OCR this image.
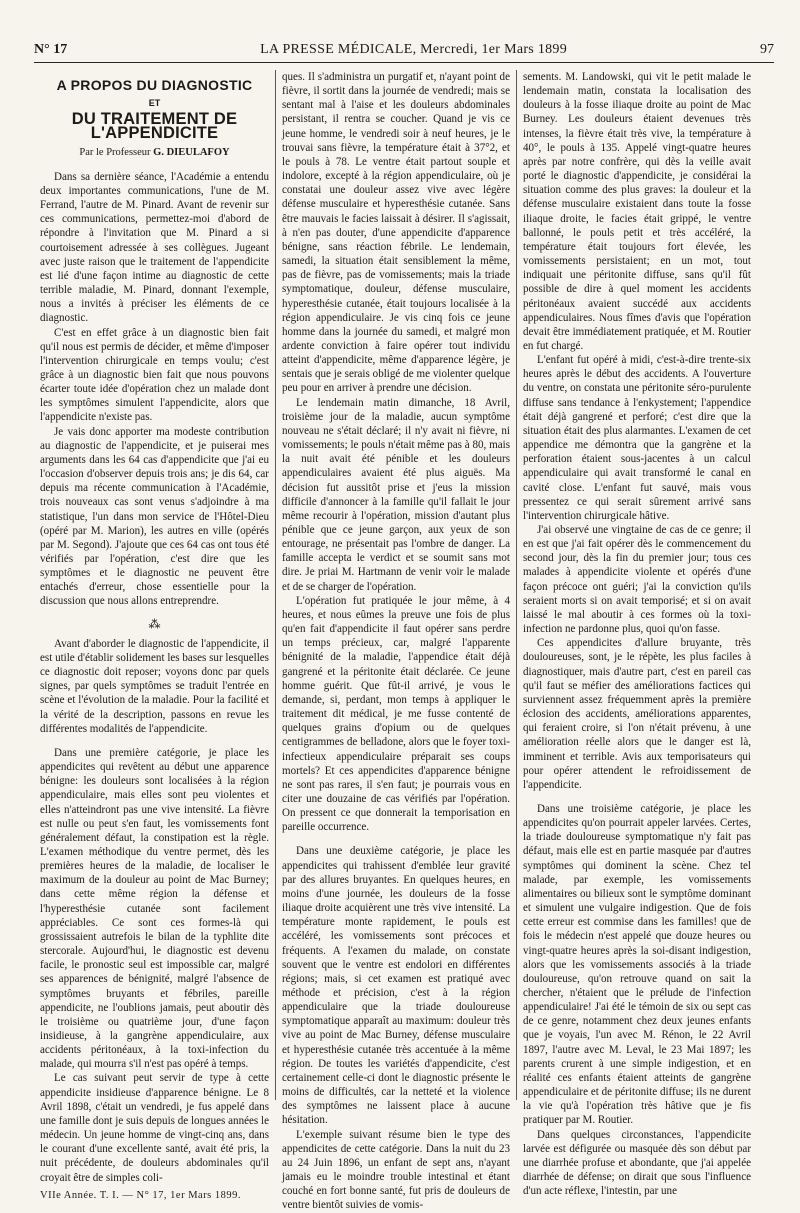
N° 17	LA PRESSE MÉDICALE, Mercredi, 1er Mars 1899	97
A PROPOS DU DIAGNOSTIC
ET
DU TRAITEMENT DE L'APPENDICITE
Par le Professeur G. DIEULAFOY

Dans sa dernière séance, l'Académie a entendu deux importantes communications, l'une de M. Ferrand, l'autre de M. Pinard. Avant de revenir sur ces communications, permettez-moi d'abord de répondre à l'invitation que M. Pinard a si courtoisement adressée à ses collègues. Jugeant avec juste raison que le traitement de l'appendicite est lié d'une façon intime au diagnostic de cette terrible maladie, M. Pinard, donnant l'exemple, nous a invités à préciser les éléments de ce diagnostic.

C'est en effet grâce à un diagnostic bien fait qu'il nous est permis de décider, et même d'imposer l'intervention chirurgicale en temps voulu; c'est grâce à un diagnostic bien fait que nous pouvons écarter toute idée d'opération chez un malade dont les symptômes simulent l'appendicite, alors que l'appendicite n'existe pas.

Je vais donc apporter ma modeste contribution au diagnostic de l'appendicite, et je puiserai mes arguments dans les 64 cas d'appendicite que j'ai eu l'occasion d'observer depuis trois ans; je dis 64, car depuis ma récente communication à l'Académie, trois nouveaux cas sont venus s'adjoindre à ma statistique, l'un dans mon service de l'Hôtel-Dieu (opéré par M. Marion), les autres en ville (opérés par M. Segond). J'ajoute que ces 64 cas ont tous été vérifiés par l'opération, c'est dire que les symptômes et le diagnostic ne peuvent être entachés d'erreur, chose essentielle pour la discussion que nous allons entreprendre.

⁂

Avant d'aborder le diagnostic de l'appendicite, il est utile d'établir solidement les bases sur lesquelles ce diagnostic doit reposer; voyons donc par quels signes, par quels symptômes se traduit l'entrée en scène et l'évolution de la maladie. Pour la facilité et la vérité de la description, passons en revue les différentes modalités de l'appendicite.

Dans une première catégorie, je place les appendicites qui revêtent au début une apparence bénigne: les douleurs sont localisées à la région appendiculaire, mais elles sont peu violentes et elles n'atteindront pas une vive intensité. La fièvre est nulle ou peut s'en faut, les vomissements font généralement défaut, la constipation est la règle. L'examen méthodique du ventre permet, dès les premières heures de la maladie, de localiser le maximum de la douleur au point de Mac Burney; dans cette même région la défense et l'hyperesthésie cutanée sont facilement appréciables. Ce sont ces formes-là qui grossissaient autrefois le bilan de la typhlite dite stercorale. Aujourd'hui, le diagnostic est devenu facile, le pronostic seul est impossible car, malgré ses apparences de bénignité, malgré l'absence de symptômes bruyants et fébriles, pareille appendicite, ne l'oublions jamais, peut aboutir dès le troisième ou quatrième jour, d'une façon insidieuse, à la gangrène appendiculaire, aux accidents péritonéaux, à la toxi-infection du malade, qui mourra s'il n'est pas opéré à temps.

Le cas suivant peut servir de type à cette appendicite insidieuse d'apparence bénigne. Le 8 Avril 1898, c'était un vendredi, je fus appelé dans une famille dont je suis depuis de longues années le médecin. Un jeune homme de vingt-cinq ans, dans le courant d'une excellente santé, avait été pris, la nuit précédente, de douleurs abdominales qu'il croyait être de simples coli-

VIIe Année. T. I. — N° 17, 1er Mars 1899.

ques. Il s'administra un purgatif et, n'ayant point de fièvre, il sortit dans la journée de vendredi; mais se sentant mal à l'aise et les douleurs abdominales persistant, il rentra se coucher. Quand je vis ce jeune homme, le vendredi soir à neuf heures, je le trouvai sans fièvre, la température était à 37°2, et le pouls à 78. Le ventre était partout souple et indolore, excepté à la région appendiculaire, où je constatai une douleur assez vive avec légère défense musculaire et hyperesthésie cutanée. Sans être mauvais le facies laissait à désirer. Il s'agissait, à n'en pas douter, d'une appendicite d'apparence bénigne, sans réaction fébrile. Le lendemain, samedi, la situation était sensiblement la même, pas de fièvre, pas de vomissements; mais la triade symptomatique, douleur, défense musculaire, hyperesthésie cutanée, était toujours localisée à la région appendiculaire. Je vis cinq fois ce jeune homme dans la journée du samedi, et malgré mon ardente conviction à faire opérer tout individu atteint d'appendicite, même d'apparence légère, je sentais que je serais obligé de me violenter quelque peu pour en arriver à prendre une décision.

Le lendemain matin dimanche, 18 Avril, troisième jour de la maladie, aucun symptôme nouveau ne s'était déclaré; il n'y avait ni fièvre, ni vomissements; le pouls n'était même pas à 80, mais la nuit avait été pénible et les douleurs appendiculaires avaient été plus aiguës. Ma décision fut aussitôt prise et j'eus la mission difficile d'annoncer à la famille qu'il fallait le jour même recourir à l'opération, mission d'autant plus pénible que ce jeune garçon, aux yeux de son entourage, ne présentait pas l'ombre de danger. La famille accepta le verdict et se soumit sans mot dire. Je priai M. Hartmann de venir voir le malade et de se charger de l'opération.

L'opération fut pratiquée le jour même, à 4 heures, et nous eûmes la preuve une fois de plus qu'en fait d'appendicite il faut opérer sans perdre un temps précieux, car, malgré l'apparente bénignité de la maladie, l'appendice était déjà gangrené et la péritonite était déclarée. Ce jeune homme guérit. Que fût-il arrivé, je vous le demande, si, perdant, mon temps à appliquer le traitement dit médical, je me fusse contenté de quelques grains d'opium ou de quelques centigrammes de belladone, alors que le foyer toxi-infectieux appendiculaire préparait ses coups mortels? Et ces appendicites d'apparence bénigne ne sont pas rares, il s'en faut; je pourrais vous en citer une douzaine de cas vérifiés par l'opération. On pressent ce que donnerait la temporisation en pareille occurrence.

Dans une deuxième catégorie, je place les appendicites qui trahissent d'emblée leur gravité par des allures bruyantes. En quelques heures, en moins d'une journée, les douleurs de la fosse iliaque droite acquièrent une très vive intensité. La température monte rapidement, le pouls est accéléré, les vomissements sont précoces et fréquents. A l'examen du malade, on constate souvent que le ventre est endolori en différentes régions; mais, si cet examen est pratiqué avec méthode et précision, c'est à la région appendiculaire que la triade douloureuse symptomatique apparaît au maximum: douleur très vive au point de Mac Burney, défense musculaire et hyperesthésie cutanée très accentuée à la même région. De toutes les variétés d'appendicite, c'est certainement celle-ci dont le diagnostic présente le moins de difficultés, car la netteté et la violence des symptômes ne laissent place à aucune hésitation.

L'exemple suivant résume bien le type des appendicites de cette catégorie. Dans la nuit du 23 au 24 Juin 1896, un enfant de sept ans, n'ayant jamais eu le moindre trouble intestinal et étant couché en fort bonne santé, fut pris de douleurs de ventre bientôt suivies de vomis-

sements. M. Landowski, qui vit le petit malade le lendemain matin, constata la localisation des douleurs à la fosse iliaque droite au point de Mac Burney. Les douleurs étaient devenues très intenses, la fièvre était très vive, la température à 40°, le pouls à 135. Appelé vingt-quatre heures après par notre confrère, qui dès la veille avait porté le diagnostic d'appendicite, je considérai la situation comme des plus graves: la douleur et la défense musculaire existaient dans toute la fosse iliaque droite, le facies était grippé, le ventre ballonné, le pouls petit et très accéléré, la température était toujours fort élevée, les vomissements persistaient; en un mot, tout indiquait une péritonite diffuse, sans qu'il fût possible de dire à quel moment les accidents péritonéaux avaient succédé aux accidents appendiculaires. Nous fîmes d'avis que l'opération devait être immédiatement pratiquée, et M. Routier en fut chargé.

L'enfant fut opéré à midi, c'est-à-dire trente-six heures après le début des accidents. A l'ouverture du ventre, on constata une péritonite séro-purulente diffuse sans tendance à l'enkystement; l'appendice était déjà gangrené et perforé; c'est dire que la situation était des plus alarmantes. L'examen de cet appendice me démontra que la gangrène et la perforation étaient sous-jacentes à un calcul appendiculaire qui avait transformé le canal en cavité close. L'enfant fut sauvé, mais vous pressentez ce qui serait sûrement arrivé sans l'intervention chirurgicale hâtive.

J'ai observé une vingtaine de cas de ce genre; il en est que j'ai fait opérer dès le commencement du second jour, dès la fin du premier jour; tous ces malades à appendicite violente et opérés d'une façon précoce ont guéri; j'ai la conviction qu'ils seraient morts si on avait temporisé; et si on avait laissé le mal aboutir à ces formes où la toxi-infection ne pardonne plus, quoi qu'on fasse.

Ces appendicites d'allure bruyante, très douloureuses, sont, je le répète, les plus faciles à diagnostiquer, mais d'autre part, c'est en pareil cas qu'il faut se méfier des améliorations factices qui surviennent assez fréquemment après la première éclosion des accidents, améliorations apparentes, qui feraient croire, si l'on n'était prévenu, à une amélioration réelle alors que le danger est là, imminent et terrible. Avis aux temporisateurs qui pour opérer attendent le refroidissement de l'appendicite.

Dans une troisième catégorie, je place les appendicites qu'on pourrait appeler larvées. Certes, la triade douloureuse symptomatique n'y fait pas défaut, mais elle est en partie masquée par d'autres symptômes qui dominent la scène. Chez tel malade, par exemple, les vomissements alimentaires ou bilieux sont le symptôme dominant et simulent une vulgaire indigestion. Que de fois cette erreur est commise dans les familles! que de fois le médecin n'est appelé que douze heures ou vingt-quatre heures après la soi-disant indigestion, alors que les vomissements associés à la triade douloureuse, qu'on retrouve quand on sait la chercher, n'étaient que le prélude de l'infection appendiculaire! J'ai été le témoin de six ou sept cas de ce genre, notamment chez deux jeunes enfants que je voyais, l'un avec M. Rénon, le 22 Avril 1897, l'autre avec M. Leval, le 23 Mai 1897; les parents crurent à une simple indigestion, et en réalité ces enfants étaient atteints de gangrène appendiculaire et de péritonite diffuse; ils ne durent la vie qu'à l'opération très hâtive que je fis pratiquer par M. Routier.

Dans quelques circonstances, l'appendicite larvée est défigurée ou masquée dès son début par une diarrhée profuse et abondante, que j'ai appelée diarrhée de défense; on dirait que sous l'influence d'un acte réflexe, l'intestin, par une
